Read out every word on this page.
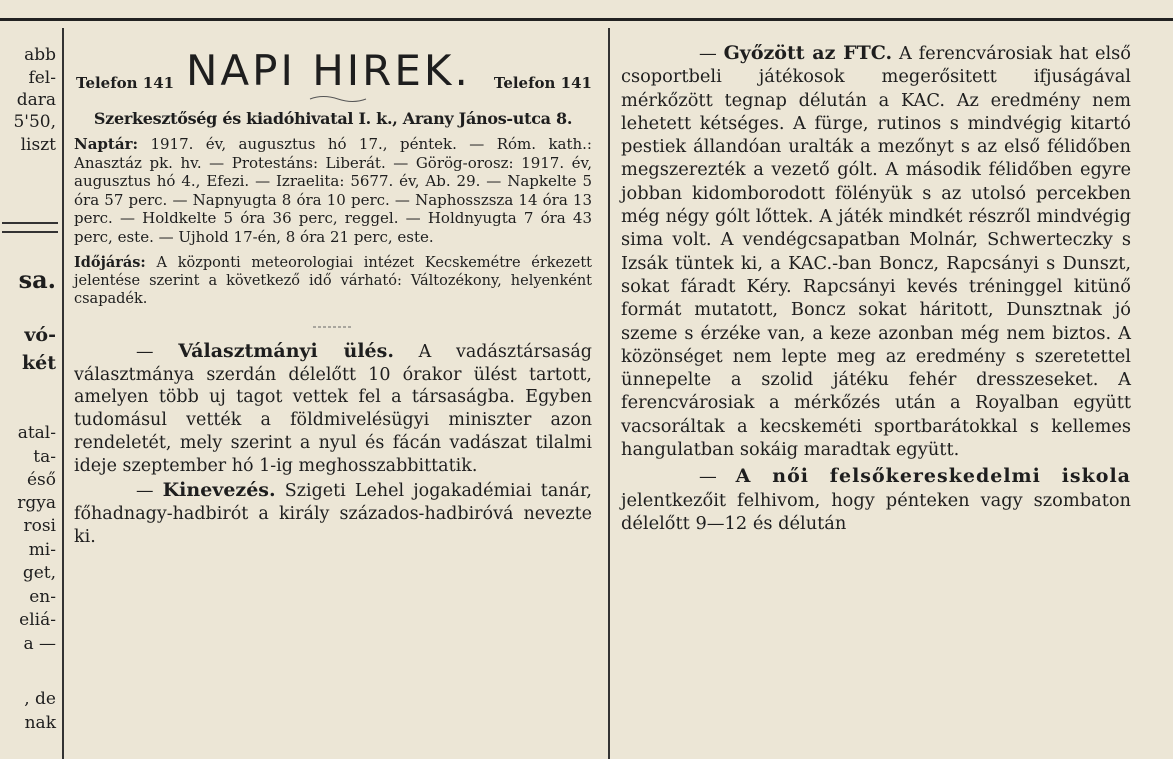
abb
fel-
dara
5'50,
liszt
sa.
vó-
két
atal-
ta-
éső
rgya
rosi
mi-
get,
en-
eliá-
a —
, de
nak
Telefon 141 NAPI HIREK. Telefon 141
Szerkesztőség és kiadóhivatal I. k., Arany János-utca 8.
Naptár: 1917. év, augusztus hó 17., péntek. — Róm. kath.: Anasztáz pk. hv. — Protestáns: Liberát. — Görög-orosz: 1917. év, augusztus hó 4., Efezi. — Izraelita: 5677. év, Ab. 29. — Napkelte 5 óra 57 perc. — Napnyugta 8 óra 10 perc. — Naphosszsza 14 óra 13 perc. — Holdkelte 5 óra 36 perc, reggel. — Holdnyugta 7 óra 43 perc, este. — Ujhold 17-én, 8 óra 21 perc, este.
Időjárás: A központi meteorologiai intézet Kecskemétre érkezett jelentése szerint a következő idő várható: Változékony, helyenként csapadék.

— Választmányi ülés. A vadásztársaság választmánya szerdán délelőtt 10 órakor ülést tartott, amelyen több uj tagot vettek fel a társaságba. Egyben tudomásul vették a földmivelésügyi miniszter azon rendeletét, mely szerint a nyul és fácán vadászat tilalmi ideje szeptember hó 1-ig meghosszabbittatik.

— Kinevezés. Szigeti Lehel jogakadémiai tanár, főhadnagy-hadbirót a király százados-hadbiróvá nevezte ki.

— Győzött az FTC. A ferencvárosiak hat első csoportbeli játékosok megerősitett ifjuságával mérkőzött tegnap délután a KAC. Az eredmény nem lehetett kétséges. A fürge, rutinos s mindvégig kitartó pestiek állandóan uralták a mezőnyt s az első félidőben megszerezték a vezető gólt. A második félidőben egyre jobban kidomborodott fölényük s az utolsó percekben még négy gólt lőttek. A játék mindkét részről mindvégig sima volt. A vendégcsapatban Molnár, Schwerteczky s Izsák tüntek ki, a KAC.-ban Boncz, Rapcsányi s Dunszt, sokat fáradt Kéry. Rapcsányi kevés tréninggel kitünő formát mutatott, Boncz sokat háritott, Dunsztnak jó szeme s érzéke van, a keze azonban még nem biztos. A közönséget nem lepte meg az eredmény s szeretettel ünnepelte a szolid játéku fehér dresszeseket. A ferencvárosiak a mérkőzés után a Royalban együtt vacsoráltak a kecskeméti sportbarátokkal s kellemes hangulatban sokáig maradtak együtt.

— A női felsőkereskedelmi iskola jelentkezőit felhivom, hogy pénteken vagy szombaton délelőtt 9—12 és délután
